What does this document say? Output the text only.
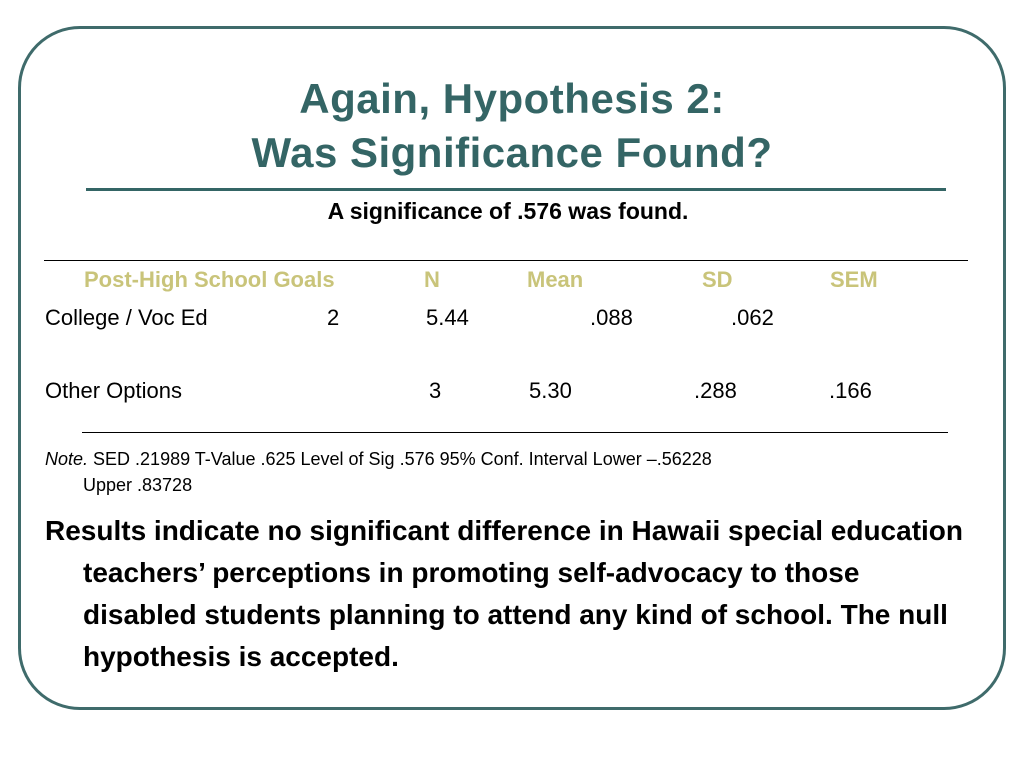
Again, Hypothesis 2:
Was Significance Found?
A significance of .576 was found.
Post-High School Goals	N	Mean	SD	SEM
College / Voc Ed	2	5.44	.088	.062
Other Options	3	5.30	.288	.166
Note. SED .21989 T-Value .625 Level of Sig .576 95% Conf. Interval Lower –.56228
Upper .83728
Results indicate no significant difference in Hawaii special education teachers’ perceptions in promoting self-advocacy to those disabled students planning to attend any kind of school. The null hypothesis is accepted.
